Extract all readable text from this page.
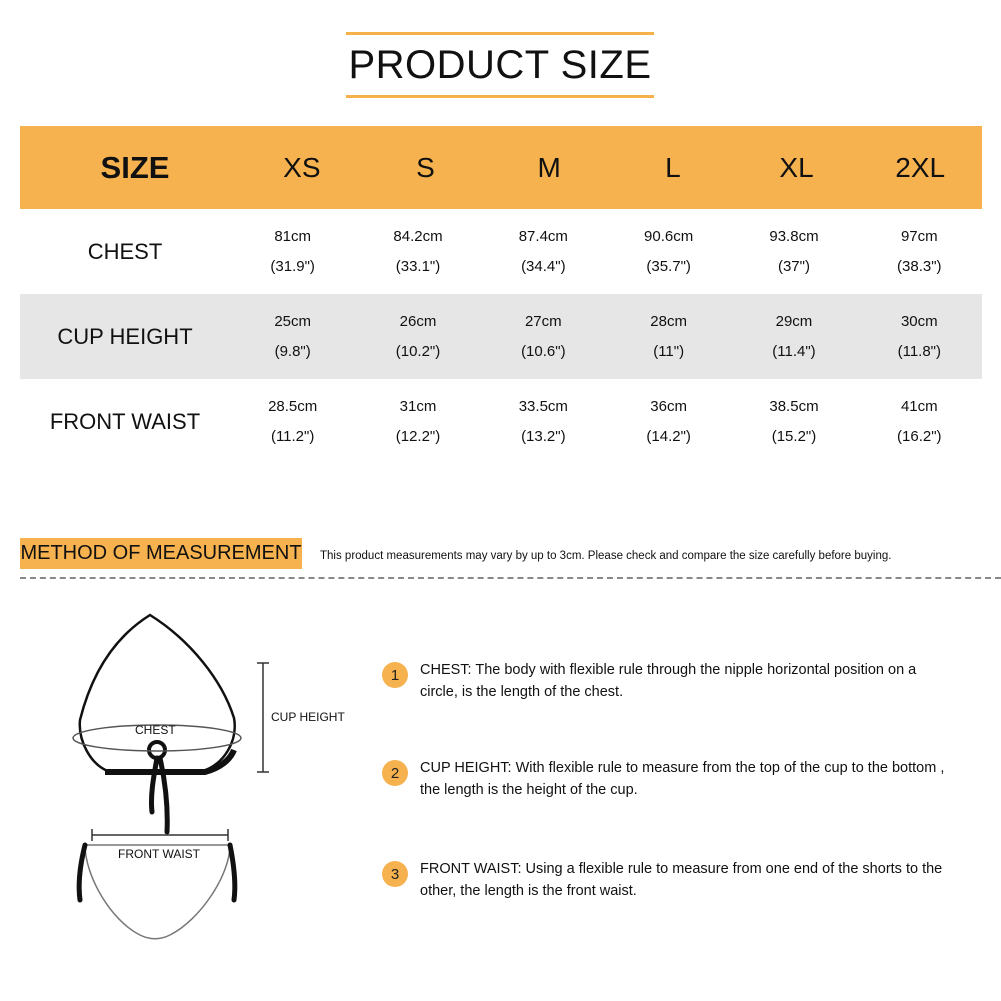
PRODUCT SIZE
SIZE	XS	S	M	L	XL	2XL
CHEST
81cm
(31.9")
84.2cm
(33.1")
87.4cm
(34.4")
90.6cm
(35.7")
93.8cm
(37")
97cm
(38.3")
CUP HEIGHT
25cm
(9.8")
26cm
(10.2")
27cm
(10.6")
28cm
(11")
29cm
(11.4")
30cm
(11.8")
FRONT WAIST
28.5cm
(11.2")
31cm
(12.2")
33.5cm
(13.2")
36cm
(14.2")
38.5cm
(15.2")
41cm
(16.2")
METHOD OF MEASUREMENT This product measurements may vary by up to 3cm. Please check and compare the size carefully before buying.
CHEST
CUP HEIGHT
FRONT WAIST
1	CHEST: The body with flexible rule through the nipple horizontal position on a circle, is the length of the chest.
2	CUP HEIGHT: With flexible rule to measure from the top of the cup to the bottom , the length is the height of the cup.
3	FRONT WAIST: Using a flexible rule to measure from one end of the shorts to the other, the length is the front waist.
